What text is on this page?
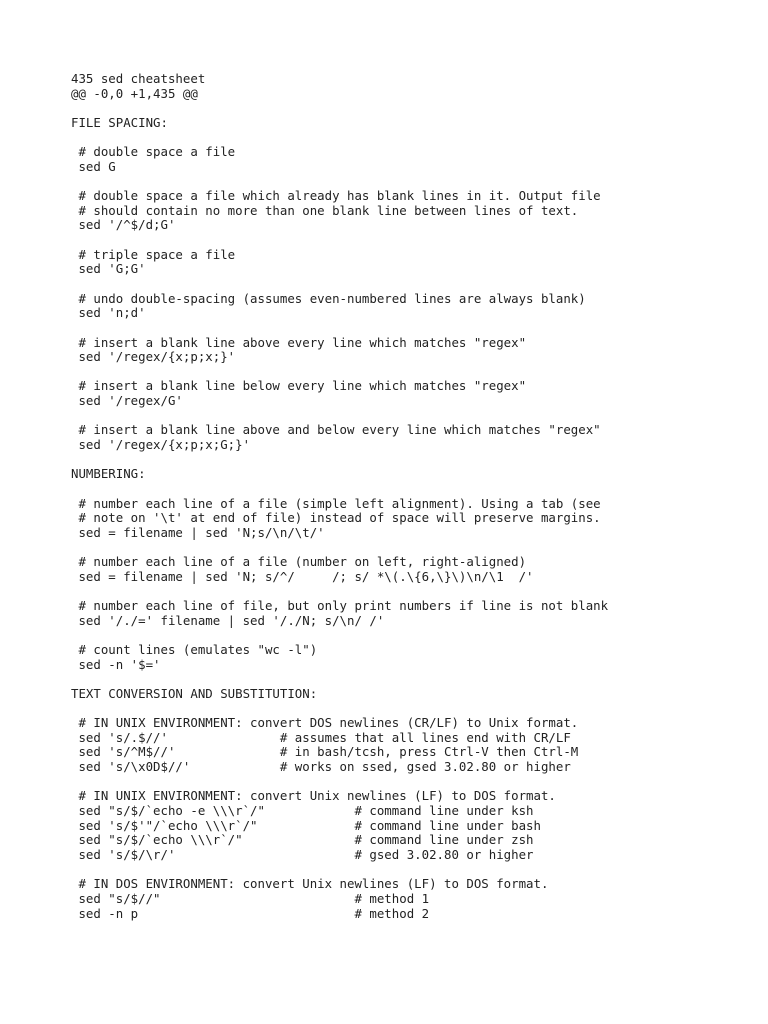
435 sed cheatsheet
@@ -0,0 +1,435 @@
FILE SPACING:
# double space a file
sed G
# double space a file which already has blank lines in it. Output file
# should contain no more than one blank line between lines of text.
sed '/^$/d;G'
# triple space a file
sed 'G;G'
# undo double-spacing (assumes even-numbered lines are always blank)
sed 'n;d'
# insert a blank line above every line which matches "regex"
sed '/regex/{x;p;x;}'
# insert a blank line below every line which matches "regex"
sed '/regex/G'
# insert a blank line above and below every line which matches "regex"
sed '/regex/{x;p;x;G;}'
NUMBERING:
# number each line of a file (simple left alignment). Using a tab (see
# note on '\t' at end of file) instead of space will preserve margins.
sed = filename | sed 'N;s/\n/\t/'
# number each line of a file (number on left, right-aligned)
sed = filename | sed 'N; s/^/     /; s/ *\(.\{6,\}\)\n/\1  /'
# number each line of file, but only print numbers if line is not blank
sed '/./=' filename | sed '/./N; s/\n/ /'
# count lines (emulates "wc -l")
sed -n '$='
TEXT CONVERSION AND SUBSTITUTION:
# IN UNIX ENVIRONMENT: convert DOS newlines (CR/LF) to Unix format.
sed 's/.$//'               # assumes that all lines end with CR/LF
sed 's/^M$//'              # in bash/tcsh, press Ctrl-V then Ctrl-M
sed 's/\x0D$//'            # works on ssed, gsed 3.02.80 or higher
# IN UNIX ENVIRONMENT: convert Unix newlines (LF) to DOS format.
sed "s/$/`echo -e \\\r`/"            # command line under ksh
sed 's/$'"/`echo \\\r`/"             # command line under bash
sed "s/$/`echo \\\r`/"               # command line under zsh
sed 's/$/\r/'                        # gsed 3.02.80 or higher
# IN DOS ENVIRONMENT: convert Unix newlines (LF) to DOS format.
sed "s/$//"                          # method 1
sed -n p                             # method 2
